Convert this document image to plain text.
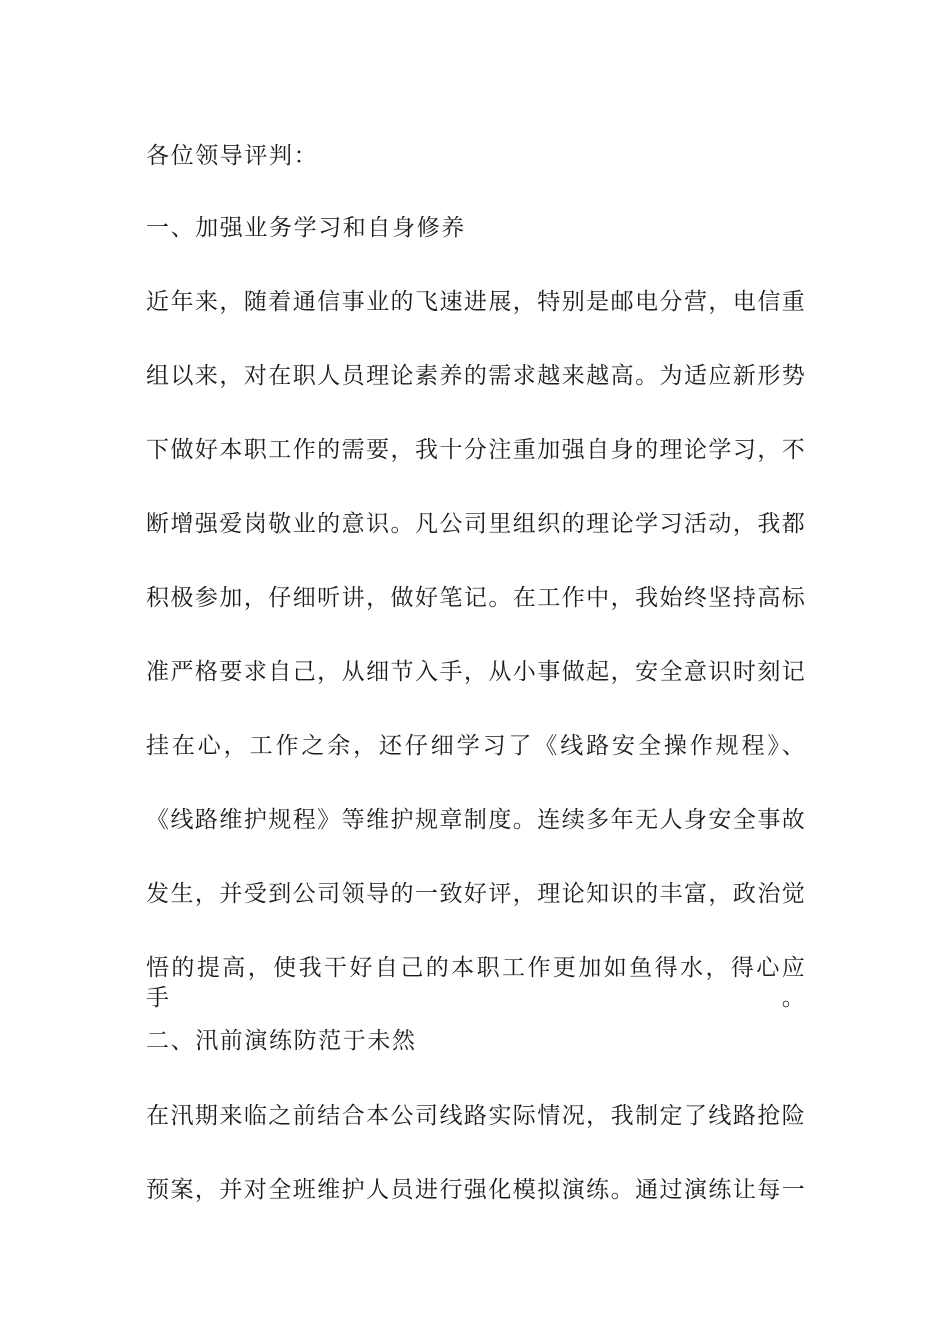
各位领导评判：
一、加强业务学习和自身修养
近年来，随着通信事业的飞速进展，特别是邮电分营，电信重
组以来，对在职人员理论素养的需求越来越高。为适应新形势
下做好本职工作的需要，我十分注重加强自身的理论学习，不
断增强爱岗敬业的意识。凡公司里组织的理论学习活动，我都
积极参加，仔细听讲，做好笔记。在工作中，我始终坚持高标
准严格要求自己，从细节入手，从小事做起，安全意识时刻记
挂在心，工作之余，还仔细学习了《线路安全操作规程》、
《线路维护规程》等维护规章制度。连续多年无人身安全事故
发生，并受到公司领导的一致好评，理论知识的丰富，政治觉
悟的提高，使我干好自己的本职工作更加如鱼得水，得心应手。
二、汛前演练防范于未然
在汛期来临之前结合本公司线路实际情况，我制定了线路抢险
预案，并对全班维护人员进行强化模拟演练。通过演练让每一
